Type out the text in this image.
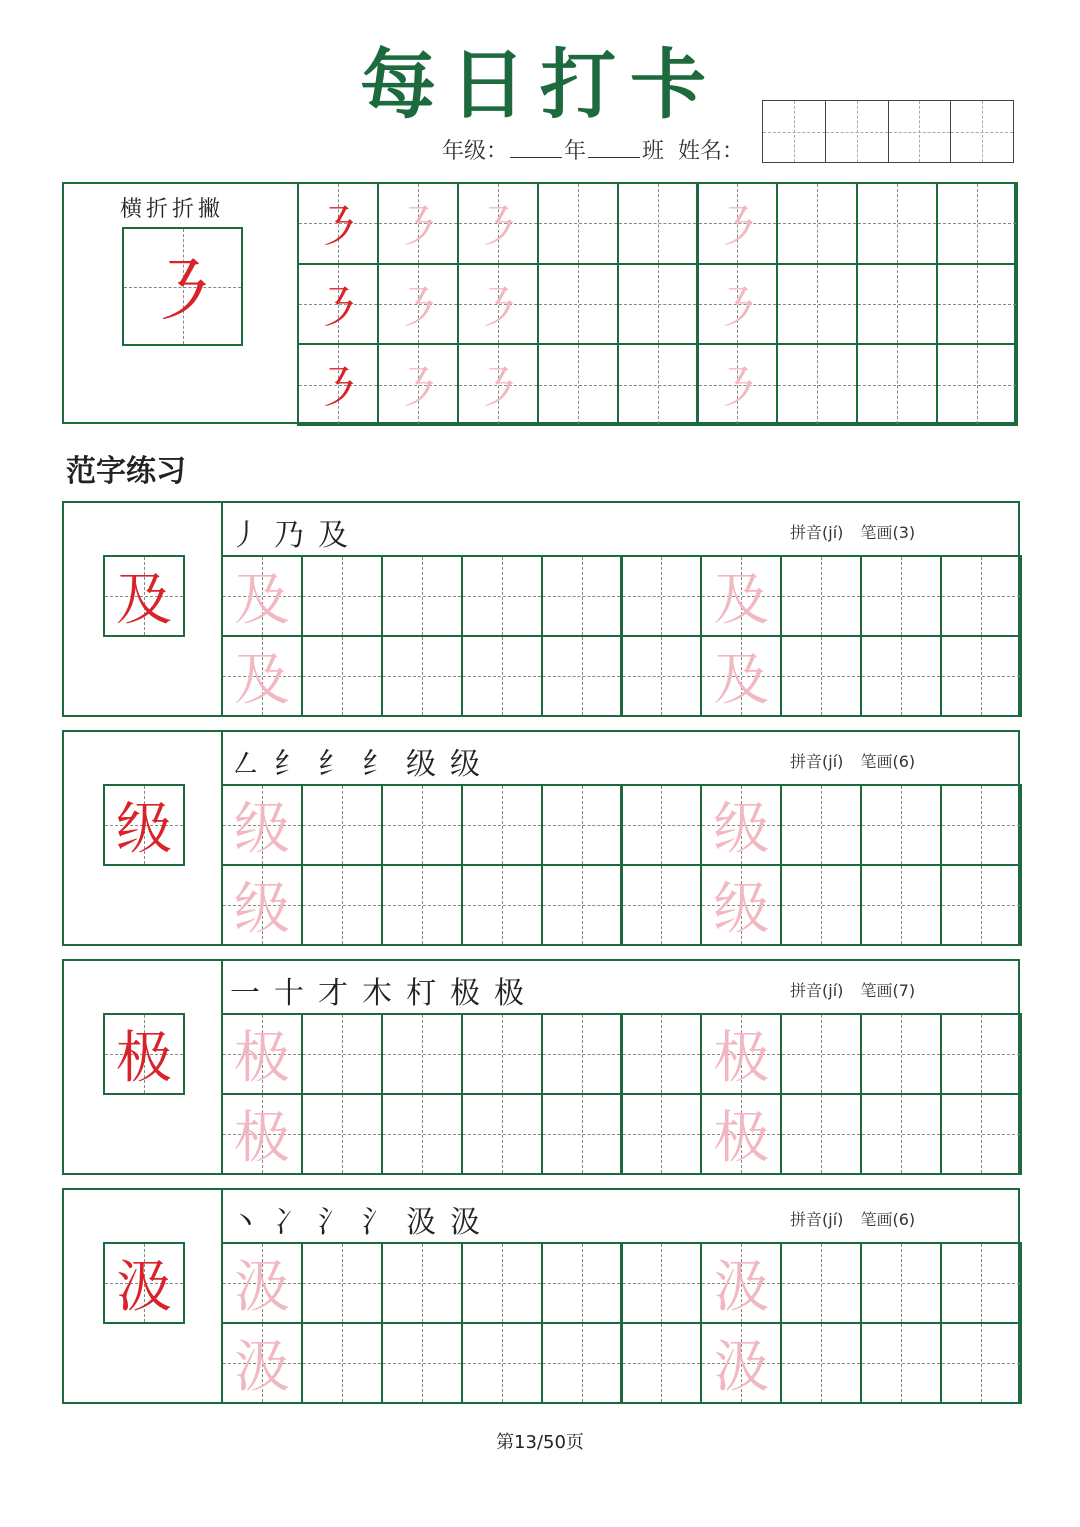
每日打卡
年级：	年	班 姓名：
横折折撇
㇋
㇋ ㇋ ㇋	㇋
㇋ ㇋ ㇋	㇋
㇋ ㇋ ㇋	㇋
范字练习
及
丿 乃 及	拼音(jí) 笔画(3)
及	及
及	及
级
㇜ 纟 纟 纟 级 级	拼音(jí) 笔画(6)
级	级
级	级
极
一 十 才 木 朾 极 极	拼音(jí) 笔画(7)
极	极
极	极
汲
丶 冫 氵 氵 汲 汲	拼音(jí) 笔画(6)
汲	汲
汲	汲
第13/50页
